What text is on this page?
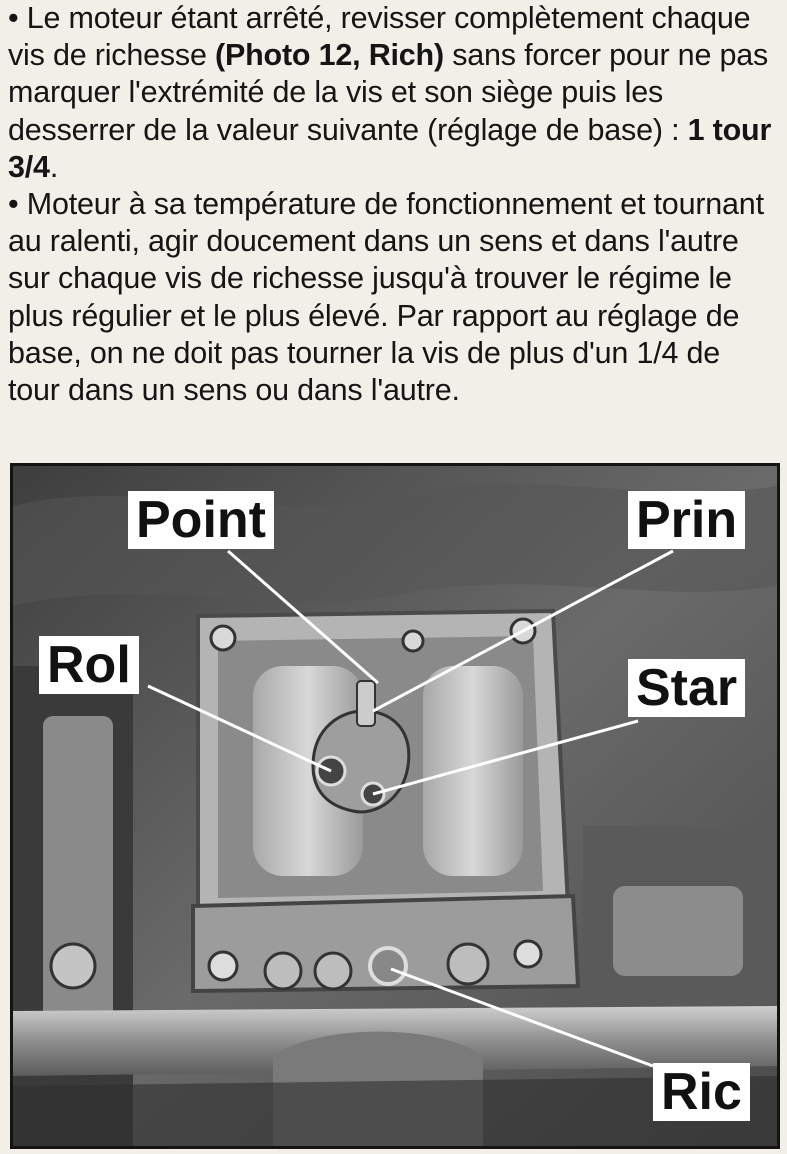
• Le moteur étant arrêté, revisser complètement chaque vis de richesse (Photo 12, Rich) sans forcer pour ne pas marquer l'extrémité de la vis et son siège puis les desserrer de la valeur suivante (réglage de base) : 1 tour 3/4.

• Moteur à sa température de fonctionnement et tournant au ralenti, agir doucement dans un sens et dans l'autre sur chaque vis de richesse jusqu'à trouver le régime le plus régulier et le plus élevé. Par rapport au réglage de base, on ne doit pas tourner la vis de plus d'un 1/4 de tour dans un sens ou dans l'autre.

Point	Prin
Rol	Star
Ric
